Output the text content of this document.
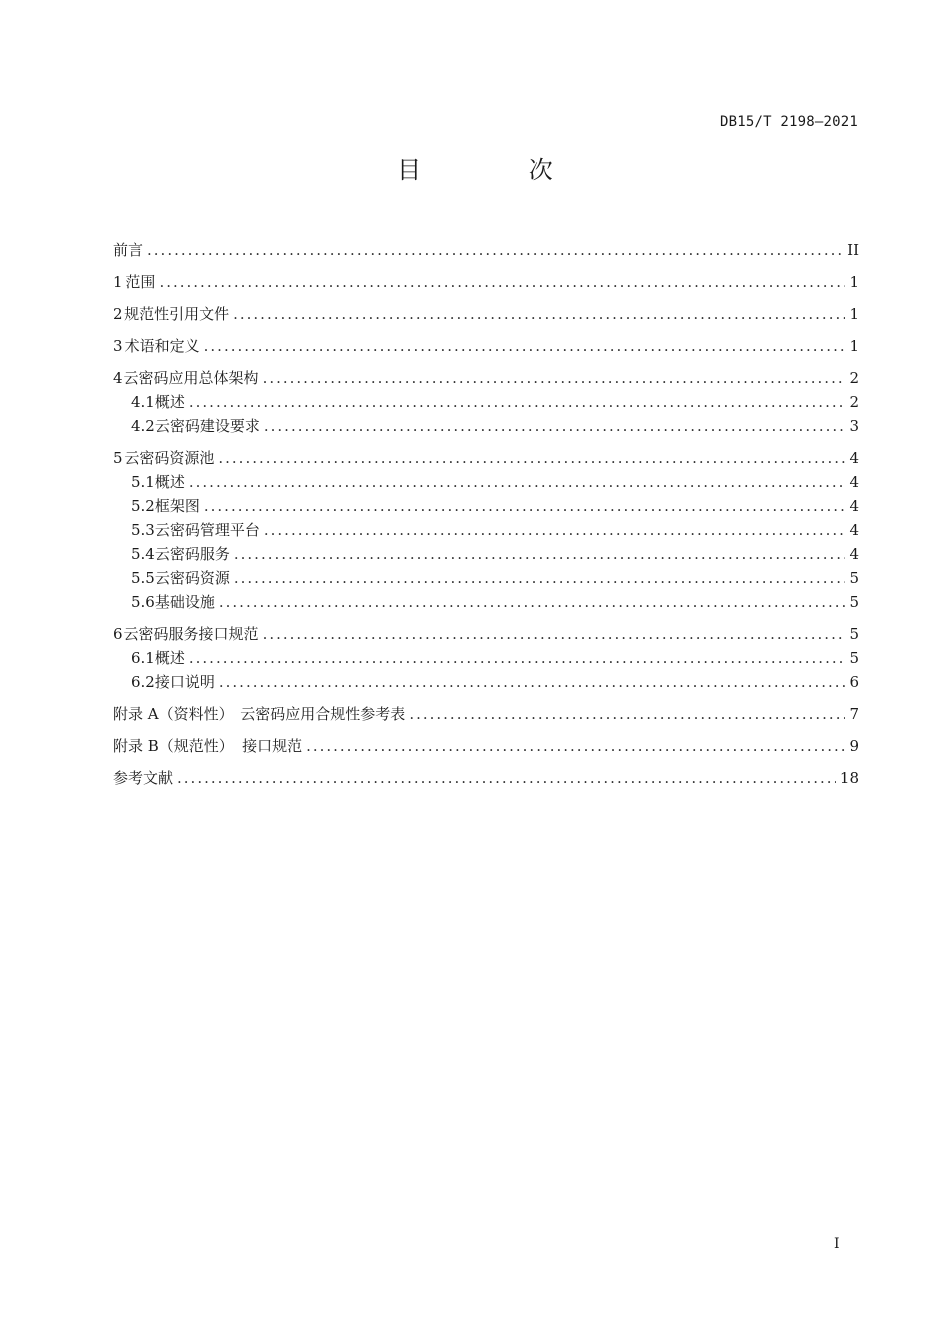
DB15/T 2198—2021
目 次
前言 .....	II
1 范围 .....	1
2 规范性引用文件 .....	1
3 术语和定义 .....	1
4 云密码应用总体架构 .....	2
4.1 概述 .....	2
4.2 云密码建设要求 .....	3
5 云密码资源池 .....	4
5.1 概述 .....	4
5.2 框架图 .....	4
5.3 云密码管理平台 .....	4
5.4 云密码服务 .....	4
5.5 云密码资源 .....	5
5.6 基础设施 .....	5
6 云密码服务接口规范 .....	5
6.1 概述 .....	5
6.2 接口说明 .....	6
附录 A（资料性） 云密码应用合规性参考表 .....	7
附录 B（规范性） 接口规范 .....	9
参考文献 .....	18
I
